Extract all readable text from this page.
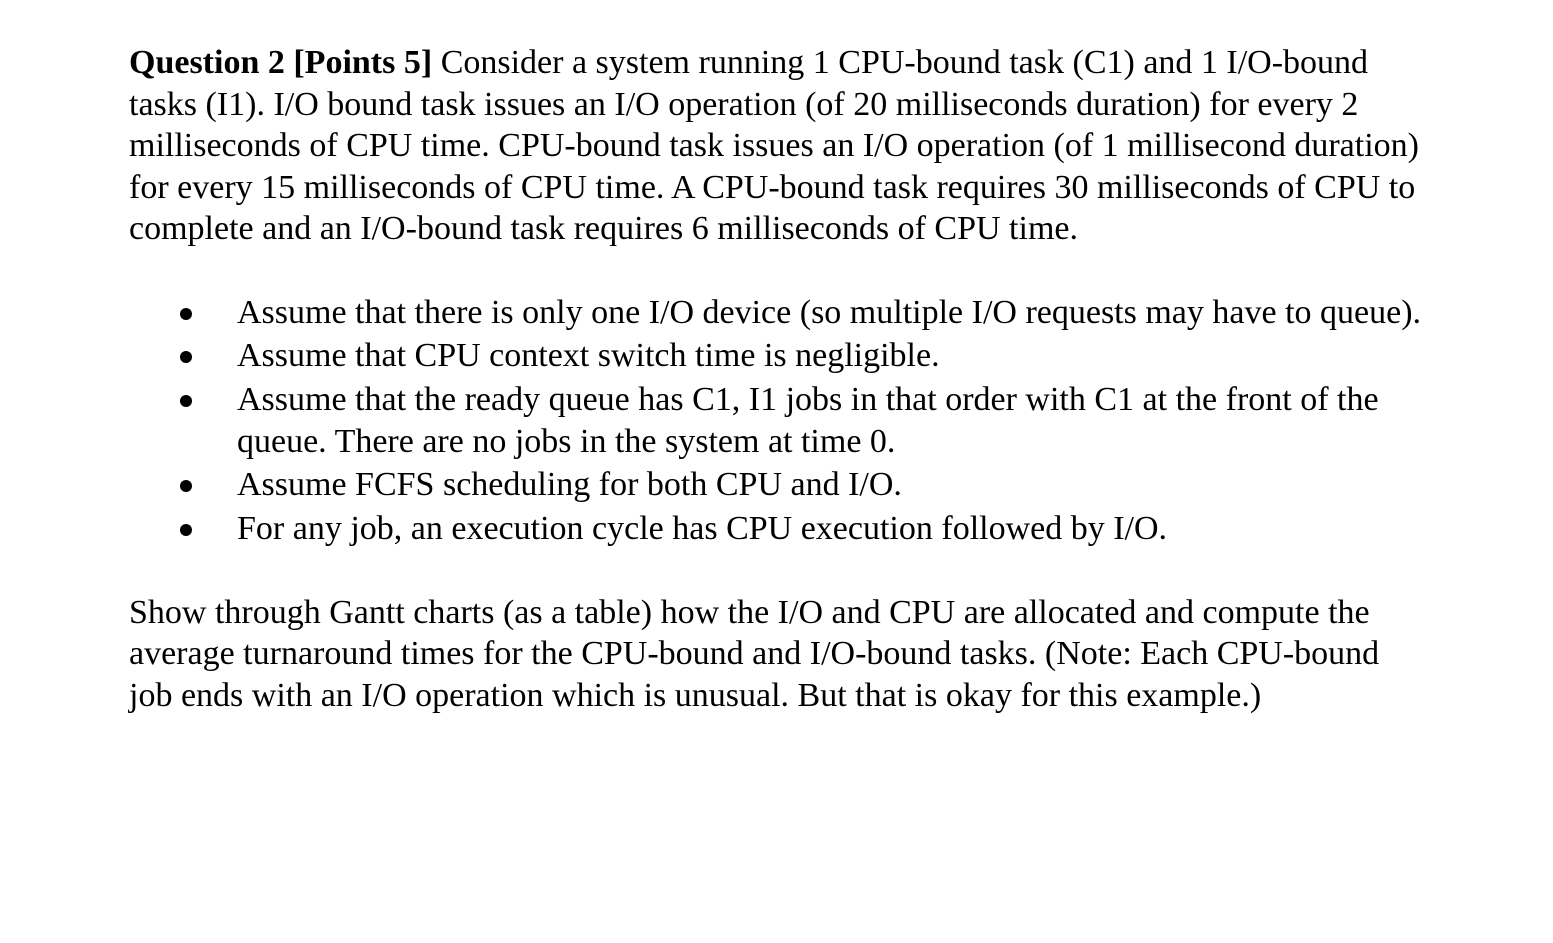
Question 2 [Points 5] Consider a system running 1 CPU-bound task (C1) and 1 I/O-bound tasks (I1). I/O bound task issues an I/O operation (of 20 milliseconds duration) for every 2 milliseconds of CPU time. CPU-bound task issues an I/O operation (of 1 millisecond duration) for every 15 milliseconds of CPU time. A CPU-bound task requires 30 milliseconds of CPU to complete and an I/O-bound task requires 6 milliseconds of CPU time.

Assume that there is only one I/O device (so multiple I/O requests may have to queue).
Assume that CPU context switch time is negligible.
Assume that the ready queue has C1, I1 jobs in that order with C1 at the front of the queue. There are no jobs in the system at time 0.
Assume FCFS scheduling for both CPU and I/O.
For any job, an execution cycle has CPU execution followed by I/O.

Show through Gantt charts (as a table) how the I/O and CPU are allocated and compute the average turnaround times for the CPU-bound and I/O-bound tasks. (Note: Each CPU-bound job ends with an I/O operation which is unusual. But that is okay for this example.)
